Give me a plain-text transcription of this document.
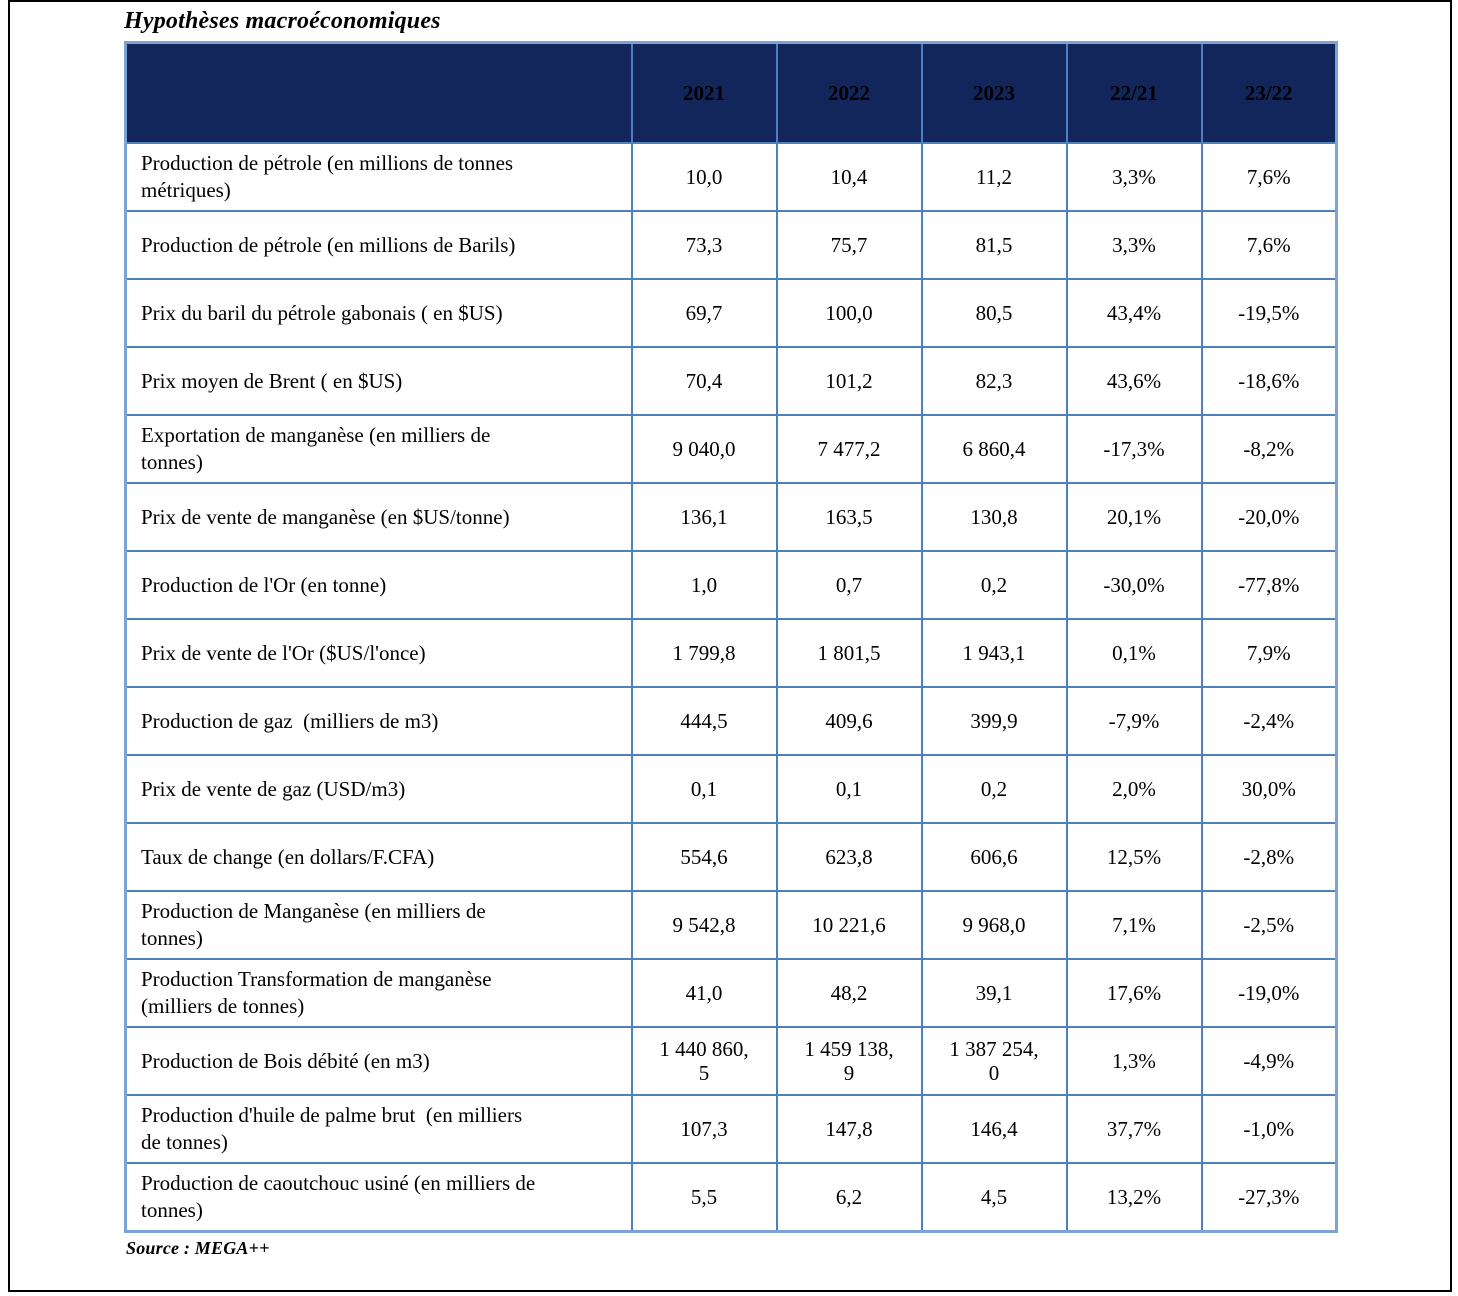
Hypothèses macroéconomiques
	2021	2022	2023	22/21	23/22
Production de pétrole (en millions de tonnes métriques)	10,0	10,4	11,2	3,3%	7,6%
Production de pétrole (en millions de Barils)	73,3	75,7	81,5	3,3%	7,6%
Prix du baril du pétrole gabonais ( en $US)	69,7	100,0	80,5	43,4%	-19,5%
Prix moyen de Brent ( en $US)	70,4	101,2	82,3	43,6%	-18,6%
Exportation de manganèse (en milliers de tonnes)	9 040,0	7 477,2	6 860,4	-17,3%	-8,2%
Prix de vente de manganèse (en $US/tonne)	136,1	163,5	130,8	20,1%	-20,0%
Production de l'Or (en tonne)	1,0	0,7	0,2	-30,0%	-77,8%
Prix de vente de l'Or ($US/l'once)	1 799,8	1 801,5	1 943,1	0,1%	7,9%
Production de gaz  (milliers de m3)	444,5	409,6	399,9	-7,9%	-2,4%
Prix de vente de gaz (USD/m3)	0,1	0,1	0,2	2,0%	30,0%
Taux de change (en dollars/F.CFA)	554,6	623,8	606,6	12,5%	-2,8%
Production de Manganèse (en milliers de tonnes)	9 542,8	10 221,6	9 968,0	7,1%	-2,5%
Production Transformation de manganèse (milliers de tonnes)	41,0	48,2	39,1	17,6%	-19,0%
Production de Bois débité (en m3)	1 440 860,​5	1 459 138,​9	1 387 254,​0	1,3%	-4,9%
Production d'huile de palme brut  (en milliers de tonnes)	107,3	147,8	146,4	37,7%	-1,0%
Production de caoutchouc usiné (en milliers de tonnes)	5,5	6,2	4,5	13,2%	-27,3%
Source : MEGA++
